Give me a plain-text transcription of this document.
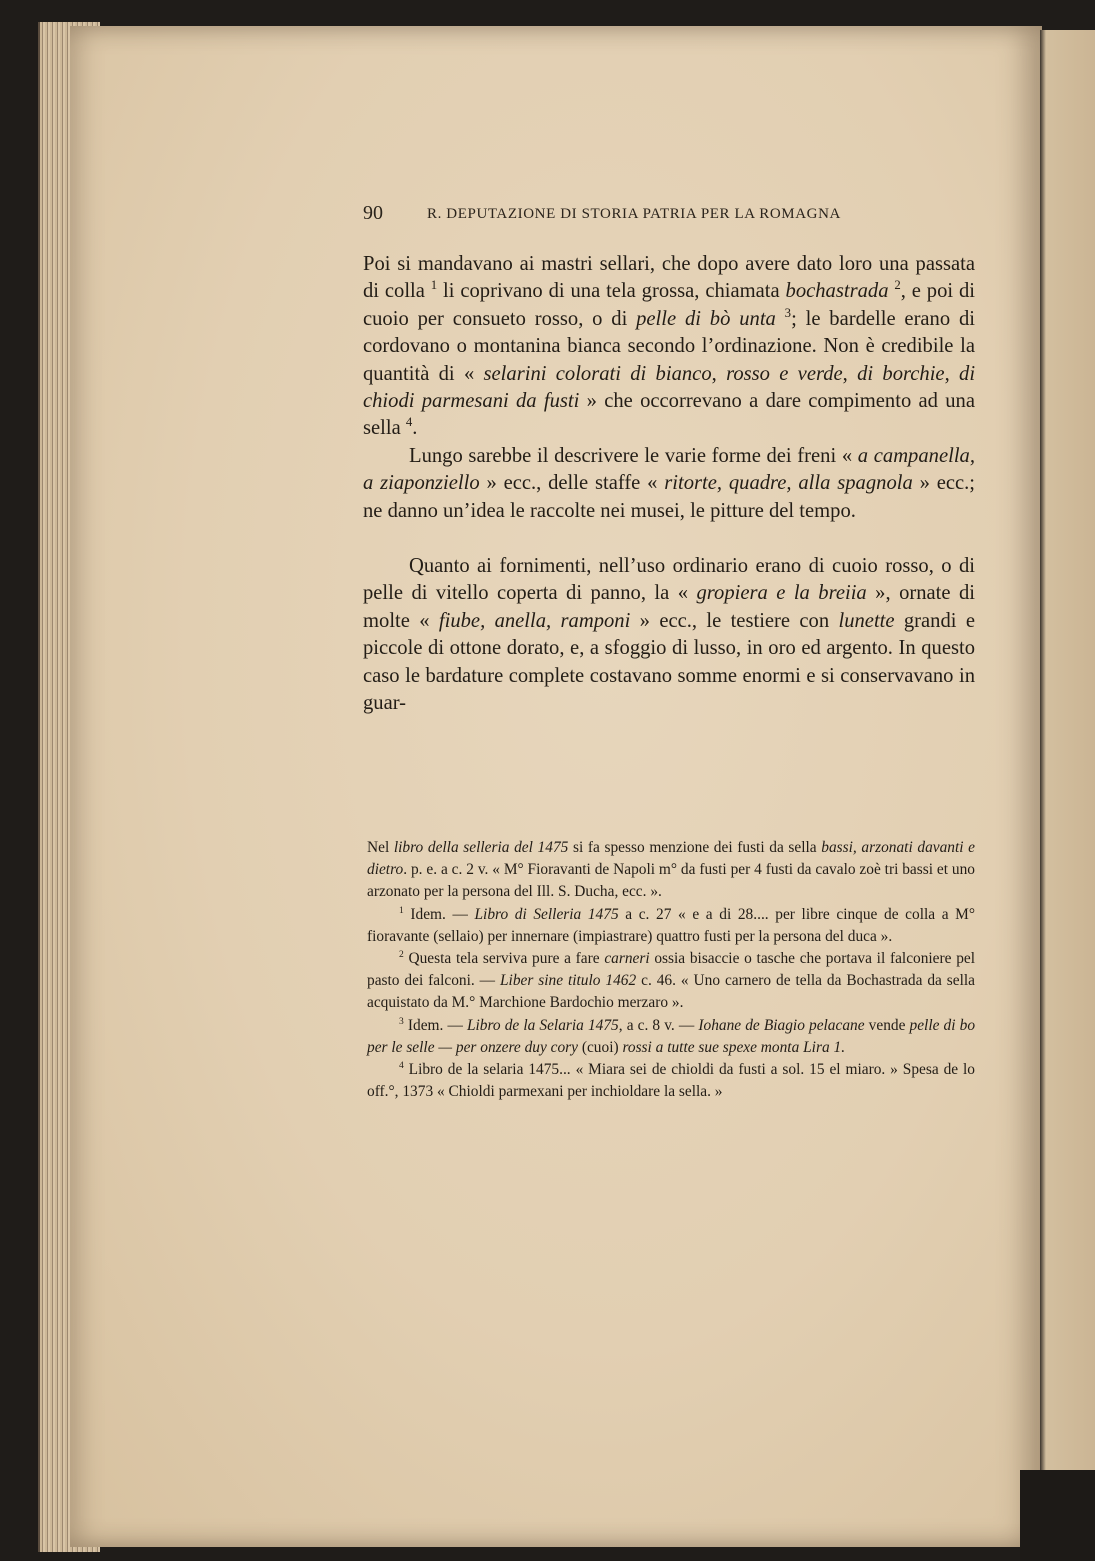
90	R. DEPUTAZIONE DI STORIA PATRIA PER LA ROMAGNA

Poi si mandavano ai mastri sellari, che dopo avere dato loro una passata di colla $^1$ li coprivano di una tela grossa, chiamata bochastrada $^2$, e poi di cuoio per consueto rosso, o di pelle di bò unta $^3$; le bardelle erano di cordovano o montanina bianca secondo l’ordinazione. Non è credibile la quantità di « selarini colorati di bianco, rosso e verde, di borchie, di chiodi parmesani da fusti » che occorrevano a dare compimento ad una sella $^4$.

Lungo sarebbe il descrivere le varie forme dei freni « a campanella, a ziaponziello » ecc., delle staffe « ritorte, quadre, alla spagnola » ecc.; ne danno un’idea le raccolte nei musei, le pitture del tempo.

Quanto ai fornimenti, nell’uso ordinario erano di cuoio rosso, o di pelle di vitello coperta di panno, la « gropiera e la breiia », ornate di molte « fiube, anella, ramponi » ecc., le testiere con lunette grandi e piccole di ottone dorato, e, a sfoggio di lusso, in oro ed argento. In questo caso le bardature complete costavano somme enormi e si conservavano in guar-

Nel libro della selleria del 1475 si fa spesso menzione dei fusti da sella bassi, arzonati davanti e dietro. p. e. a c. 2 v. « M° Fioravanti de Napoli m° da fusti per 4 fusti da cavalo zoè tri bassi et uno arzonato per la persona del Ill. S. Ducha, ecc. ».

$^1$ Idem. — Libro di Selleria 1475 a c. 27 « e a di 28.... per libre cinque de colla a M° fioravante (sellaio) per innernare (impiastrare) quattro fusti per la persona del duca ».

$^2$ Questa tela serviva pure a fare carneri ossia bisaccie o tasche che portava il falconiere pel pasto dei falconi. — Liber sine titulo 1462 c. 46. « Uno carnero de tella da Bochastrada da sella acquistato da M.° Marchione Bardochio merzaro ».

$^3$ Idem. — Libro de la Selaria 1475, a c. 8 v. — Iohane de Biagio pelacane vende pelle di bo per le selle — per onzere duy cory (cuoi) rossi a tutte sue spexe monta Lira 1.

$^4$ Libro de la selaria 1475... « Miara sei de chioldi da fusti a sol. 15 el miaro. » Spesa de lo off.°, 1373 « Chioldi parmexani per inchioldare la sella. »
